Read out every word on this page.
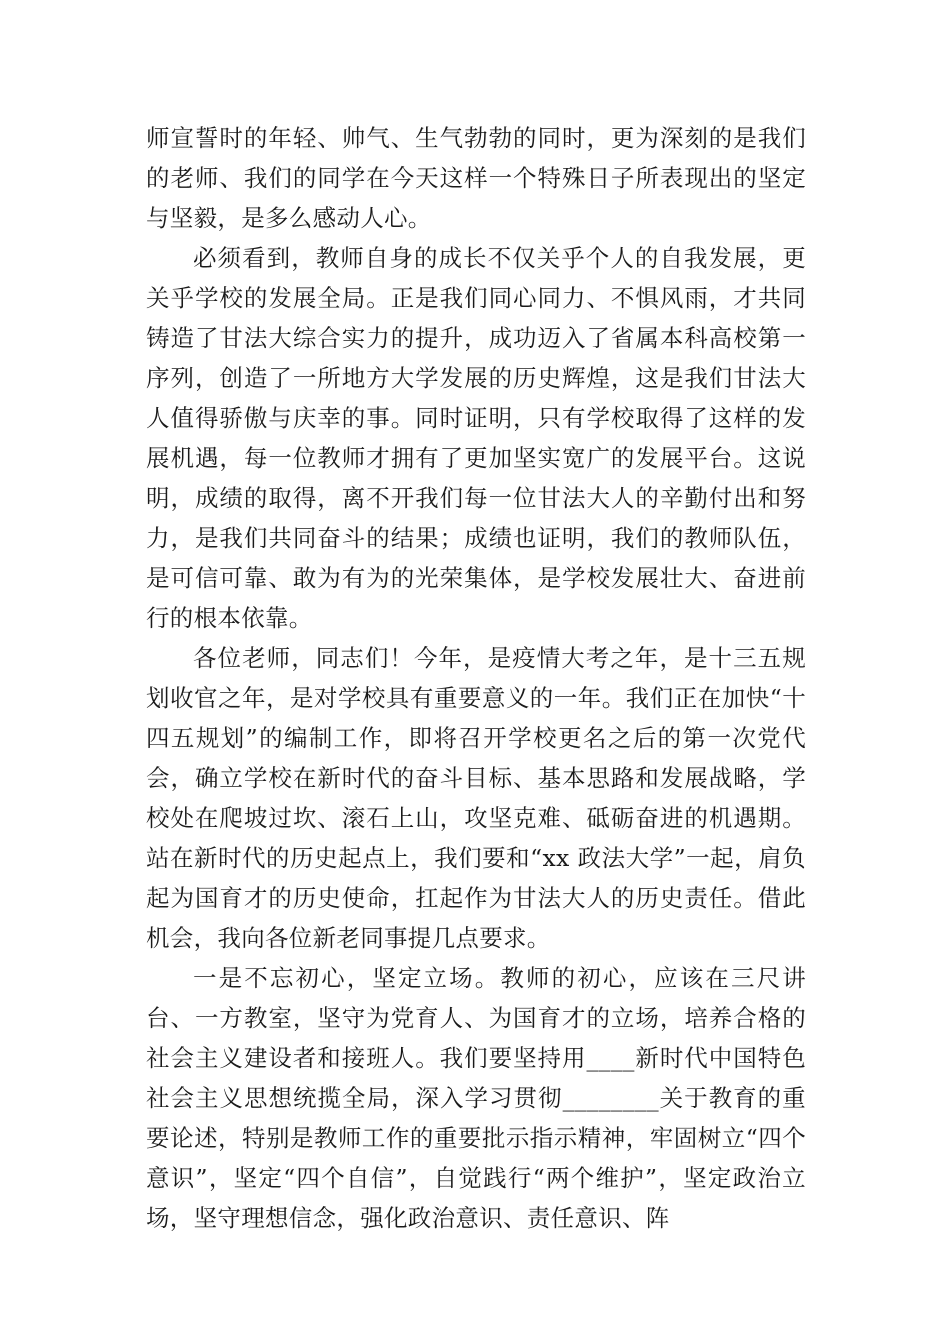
师宣誓时的年轻、帅气、生气勃勃的同时，更为深刻的是我们的老师、我们的同学在今天这样一个特殊日子所表现出的坚定与坚毅，是多么感动人心。

必须看到，教师自身的成长不仅关乎个人的自我发展，更关乎学校的发展全局。正是我们同心同力、不惧风雨，才共同铸造了甘法大综合实力的提升，成功迈入了省属本科高校第一序列，创造了一所地方大学发展的历史辉煌，这是我们甘法大人值得骄傲与庆幸的事。同时证明，只有学校取得了这样的发展机遇，每一位教师才拥有了更加坚实宽广的发展平台。这说明，成绩的取得，离不开我们每一位甘法大人的辛勤付出和努力，是我们共同奋斗的结果；成绩也证明，我们的教师队伍，是可信可靠、敢为有为的光荣集体，是学校发展壮大、奋进前行的根本依靠。

各位老师，同志们！今年，是疫情大考之年，是十三五规划收官之年，是对学校具有重要意义的一年。我们正在加快“十四五规划”的编制工作，即将召开学校更名之后的第一次党代会，确立学校在新时代的奋斗目标、基本思路和发展战略，学校处在爬坡过坎、滚石上山，攻坚克难、砥砺奋进的机遇期。站在新时代的历史起点上，我们要和“xx 政法大学”一起，肩负起为国育才的历史使命，扛起作为甘法大人的历史责任。借此机会，我向各位新老同事提几点要求。

一是不忘初心，坚定立场。教师的初心，应该在三尺讲台、一方教室，坚守为党育人、为国育才的立场，培养合格的社会主义建设者和接班人。我们要坚持用____新时代中国特色社会主义思想统揽全局，深入学习贯彻________关于教育的重要论述，特别是教师工作的重要批示指示精神，牢固树立“四个意识”，坚定“四个自信”，自觉践行“两个维护”，坚定政治立场，坚守理想信念，强化政治意识、责任意识、阵
